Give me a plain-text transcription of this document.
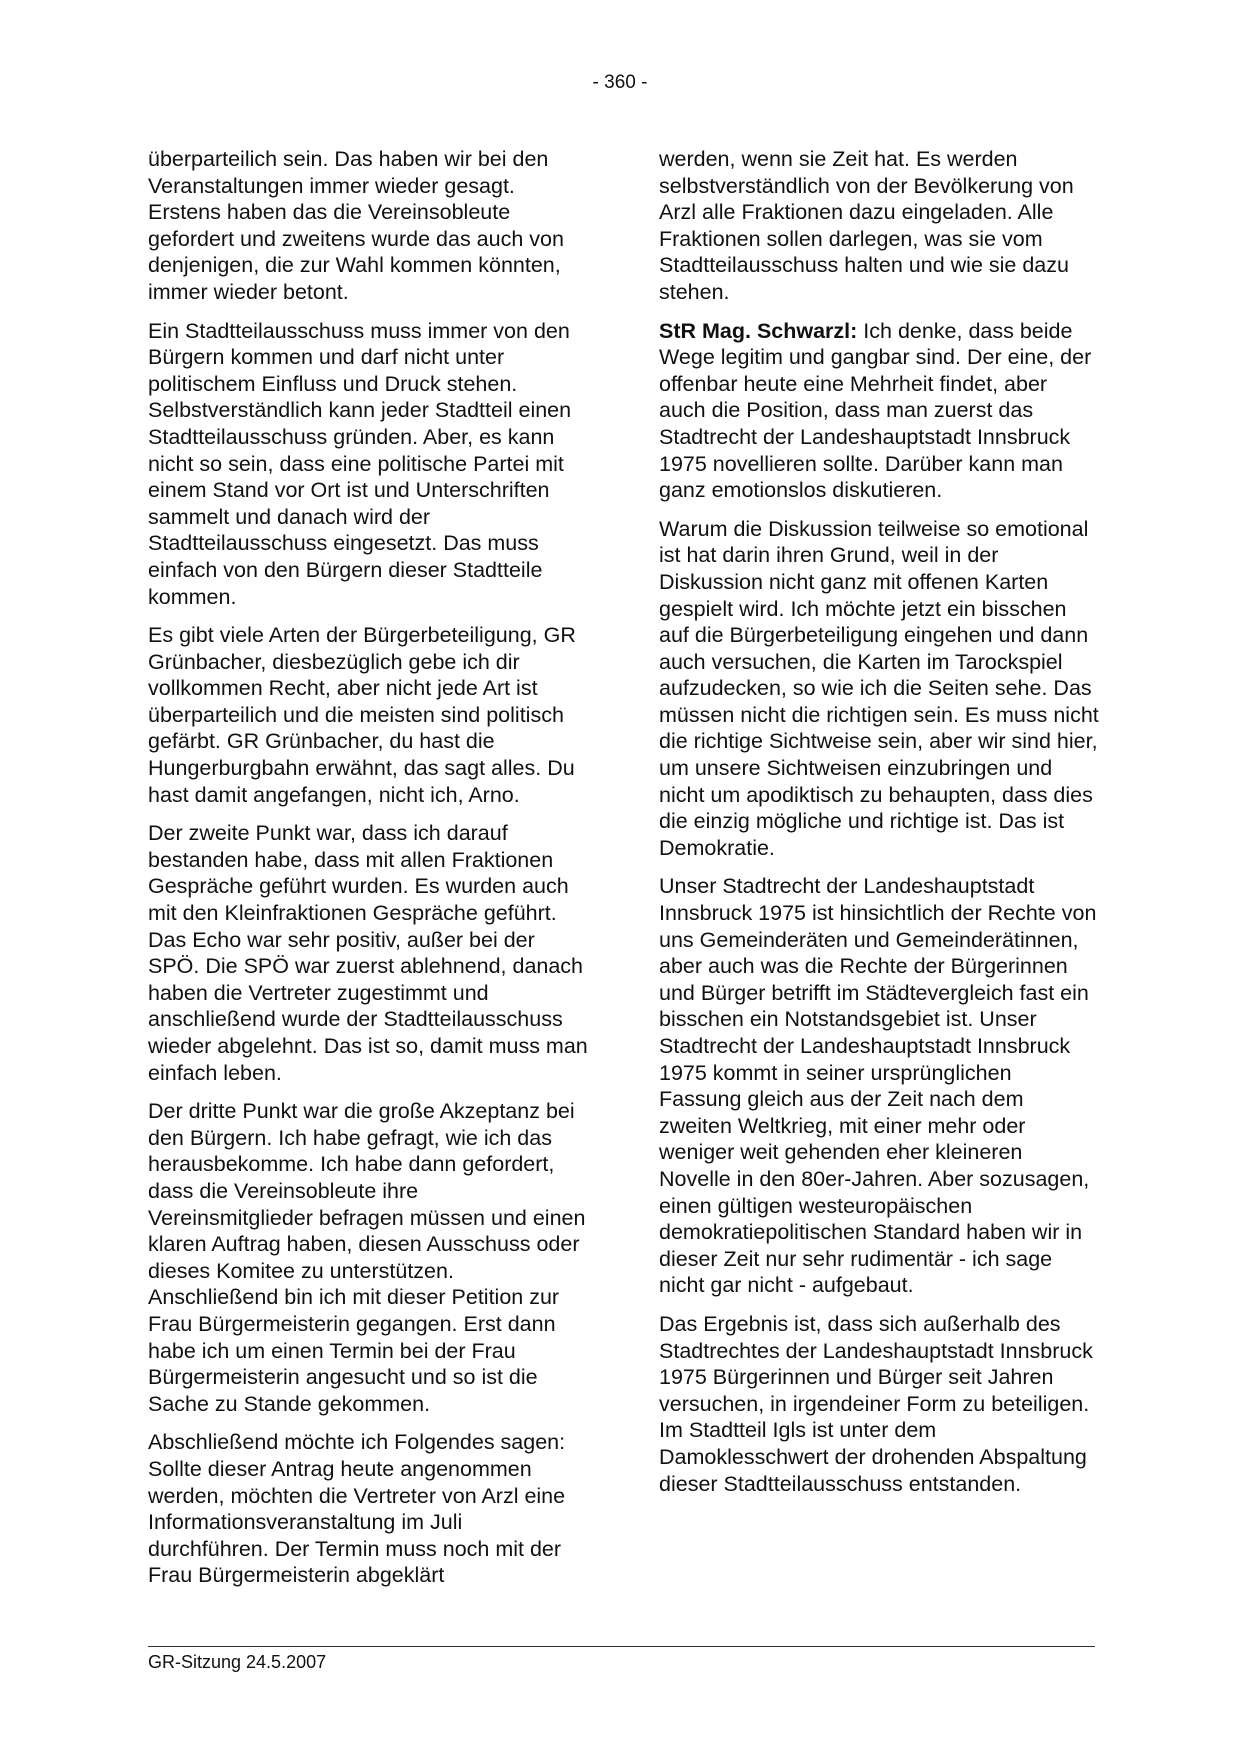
- 360 -

überparteilich sein. Das haben wir bei den Veranstaltungen immer wieder gesagt. Erstens haben das die Vereinsobleute gefordert und zweitens wurde das auch von denjenigen, die zur Wahl kommen könnten, immer wieder betont.

Ein Stadtteilausschuss muss immer von den Bürgern kommen und darf nicht unter politischem Einfluss und Druck stehen. Selbstverständlich kann jeder Stadtteil einen Stadtteilausschuss gründen. Aber, es kann nicht so sein, dass eine politische Partei mit einem Stand vor Ort ist und Unterschriften sammelt und danach wird der Stadtteilausschuss eingesetzt. Das muss einfach von den Bürgern dieser Stadtteile kommen.

Es gibt viele Arten der Bürgerbeteiligung, GR Grünbacher, diesbezüglich gebe ich dir vollkommen Recht, aber nicht jede Art ist überparteilich und die meisten sind politisch gefärbt. GR Grünbacher, du hast die Hungerburgbahn erwähnt, das sagt alles. Du hast damit angefangen, nicht ich, Arno.

Der zweite Punkt war, dass ich darauf bestanden habe, dass mit allen Fraktionen Gespräche geführt wurden. Es wurden auch mit den Kleinfraktionen Gespräche geführt. Das Echo war sehr positiv, außer bei der SPÖ. Die SPÖ war zuerst ablehnend, danach haben die Vertreter zugestimmt und anschließend wurde der Stadtteilausschuss wieder abgelehnt. Das ist so, damit muss man einfach leben.

Der dritte Punkt war die große Akzeptanz bei den Bürgern. Ich habe gefragt, wie ich das herausbekomme. Ich habe dann gefordert, dass die Vereinsobleute ihre Vereinsmitglieder befragen müssen und einen klaren Auftrag haben, diesen Ausschuss oder dieses Komitee zu unterstützen. Anschließend bin ich mit dieser Petition zur Frau Bürgermeisterin gegangen. Erst dann habe ich um einen Termin bei der Frau Bürgermeisterin angesucht und so ist die Sache zu Stande gekommen.

Abschließend möchte ich Folgendes sagen: Sollte dieser Antrag heute angenommen werden, möchten die Vertreter von Arzl eine Informationsveranstaltung im Juli durchführen. Der Termin muss noch mit der Frau Bürgermeisterin abgeklärt

werden, wenn sie Zeit hat. Es werden selbstverständlich von der Bevölkerung von Arzl alle Fraktionen dazu eingeladen. Alle Fraktionen sollen darlegen, was sie vom Stadtteilausschuss halten und wie sie dazu stehen.

StR Mag. Schwarzl: Ich denke, dass beide Wege legitim und gangbar sind. Der eine, der offenbar heute eine Mehrheit findet, aber auch die Position, dass man zuerst das Stadtrecht der Landeshauptstadt Innsbruck 1975 novellieren sollte. Darüber kann man ganz emotionslos diskutieren.

Warum die Diskussion teilweise so emotional ist hat darin ihren Grund, weil in der Diskussion nicht ganz mit offenen Karten gespielt wird. Ich möchte jetzt ein bisschen auf die Bürgerbeteiligung eingehen und dann auch versuchen, die Karten im Tarockspiel aufzudecken, so wie ich die Seiten sehe. Das müssen nicht die richtigen sein. Es muss nicht die richtige Sichtweise sein, aber wir sind hier, um unsere Sichtweisen einzubringen und nicht um apodiktisch zu behaupten, dass dies die einzig mögliche und richtige ist. Das ist Demokratie.

Unser Stadtrecht der Landeshauptstadt Innsbruck 1975 ist hinsichtlich der Rechte von uns Gemeinderäten und Gemeinderätinnen, aber auch was die Rechte der Bürgerinnen und Bürger betrifft im Städtevergleich fast ein bisschen ein Notstandsgebiet ist. Unser Stadtrecht der Landeshauptstadt Innsbruck 1975 kommt in seiner ursprünglichen Fassung gleich aus der Zeit nach dem zweiten Weltkrieg, mit einer mehr oder weniger weit gehenden eher kleineren Novelle in den 80er-Jahren. Aber sozusagen, einen gültigen westeuropäischen demokratiepolitischen Standard haben wir in dieser Zeit nur sehr rudimentär - ich sage nicht gar nicht - aufgebaut.

Das Ergebnis ist, dass sich außerhalb des Stadtrechtes der Landeshauptstadt Innsbruck 1975 Bürgerinnen und Bürger seit Jahren versuchen, in irgendeiner Form zu beteiligen. Im Stadtteil Igls ist unter dem Damoklesschwert der drohenden Abspaltung dieser Stadtteilausschuss entstanden.

GR-Sitzung 24.5.2007
